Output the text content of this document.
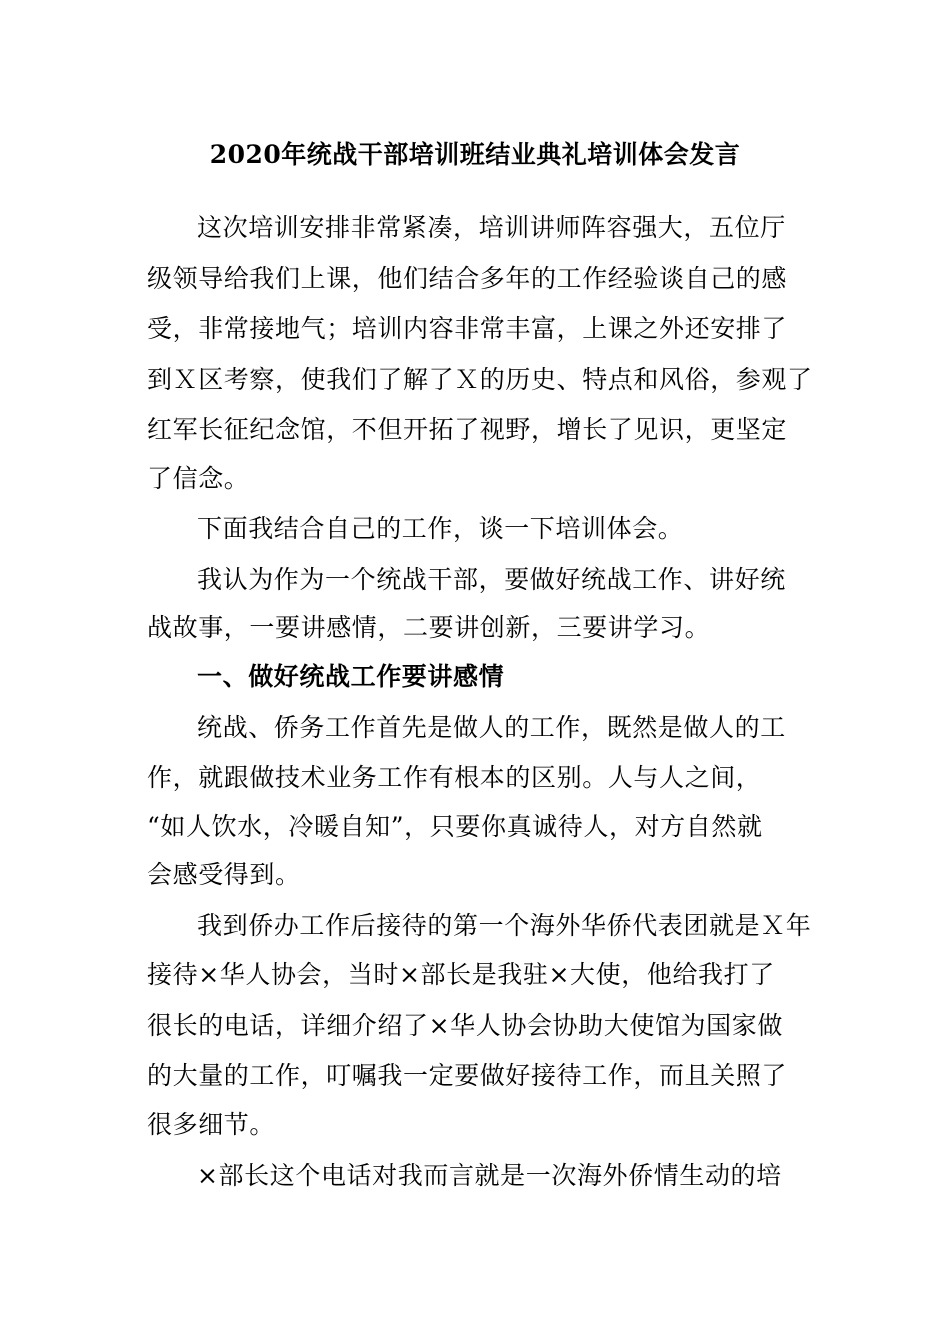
2020年统战干部培训班结业典礼培训体会发言
这次培训安排非常紧凑，培训讲师阵容强大，五位厅
级领导给我们上课，他们结合多年的工作经验谈自己的感
受，非常接地气；培训内容非常丰富，上课之外还安排了
到Ｘ区考察，使我们了解了Ｘ的历史、特点和风俗，参观了
红军长征纪念馆，不但开拓了视野，增长了见识，更坚定
了信念。
下面我结合自己的工作，谈一下培训体会。
我认为作为一个统战干部，要做好统战工作、讲好统
战故事，一要讲感情，二要讲创新，三要讲学习。
一、做好统战工作要讲感情
统战、侨务工作首先是做人的工作，既然是做人的工
作，就跟做技术业务工作有根本的区别。人与人之间，
“如人饮水，冷暖自知”，只要你真诚待人，对方自然就
会感受得到。
我到侨办工作后接待的第一个海外华侨代表团就是Ｘ年
接待×华人协会，当时×部长是我驻×大使，他给我打了
很长的电话，详细介绍了×华人协会协助大使馆为国家做
的大量的工作，叮嘱我一定要做好接待工作，而且关照了
很多细节。
×部长这个电话对我而言就是一次海外侨情生动的培
